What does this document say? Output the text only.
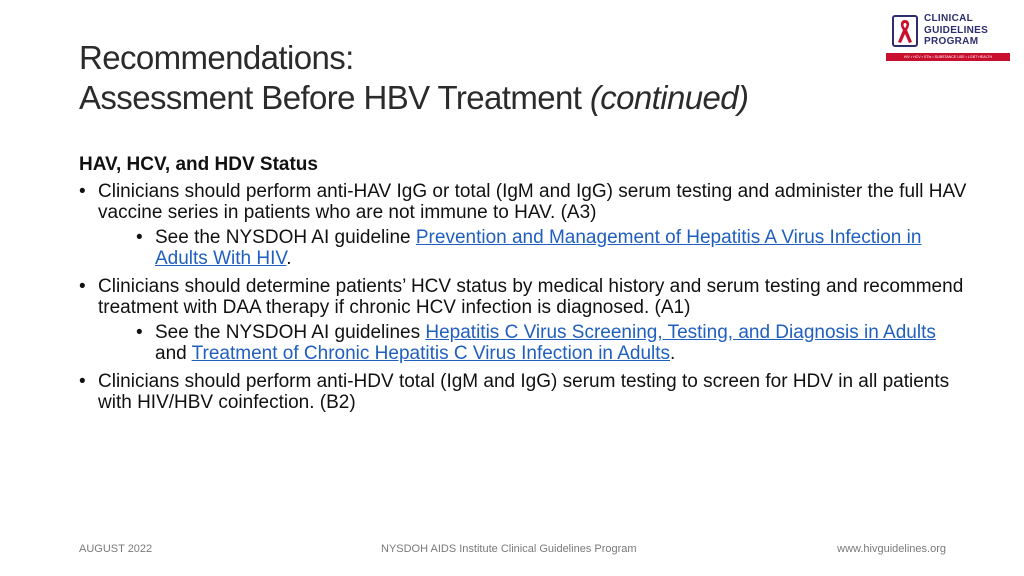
Recommendations:
Assessment Before HBV Treatment (continued)
CLINICAL
GUIDELINES
PROGRAM
HIV • HCV • STIs • SUBSTANCE USE • LGBT HEALTH
HAV, HCV, and HDV Status
• Clinicians should perform anti-HAV IgG or total (IgM and IgG) serum testing and administer the full HAV vaccine series in patients who are not immune to HAV. (A3)
• See the NYSDOH AI guideline Prevention and Management of Hepatitis A Virus Infection in Adults With HIV.
• Clinicians should determine patients’ HCV status by medical history and serum testing and recommend treatment with DAA therapy if chronic HCV infection is diagnosed. (A1)
• See the NYSDOH AI guidelines Hepatitis C Virus Screening, Testing, and Diagnosis in Adults and Treatment of Chronic Hepatitis C Virus Infection in Adults.
• Clinicians should perform anti-HDV total (IgM and IgG) serum testing to screen for HDV in all patients with HIV/HBV coinfection. (B2)
AUGUST 2022	NYSDOH AIDS Institute Clinical Guidelines Program	www.hivguidelines.org
